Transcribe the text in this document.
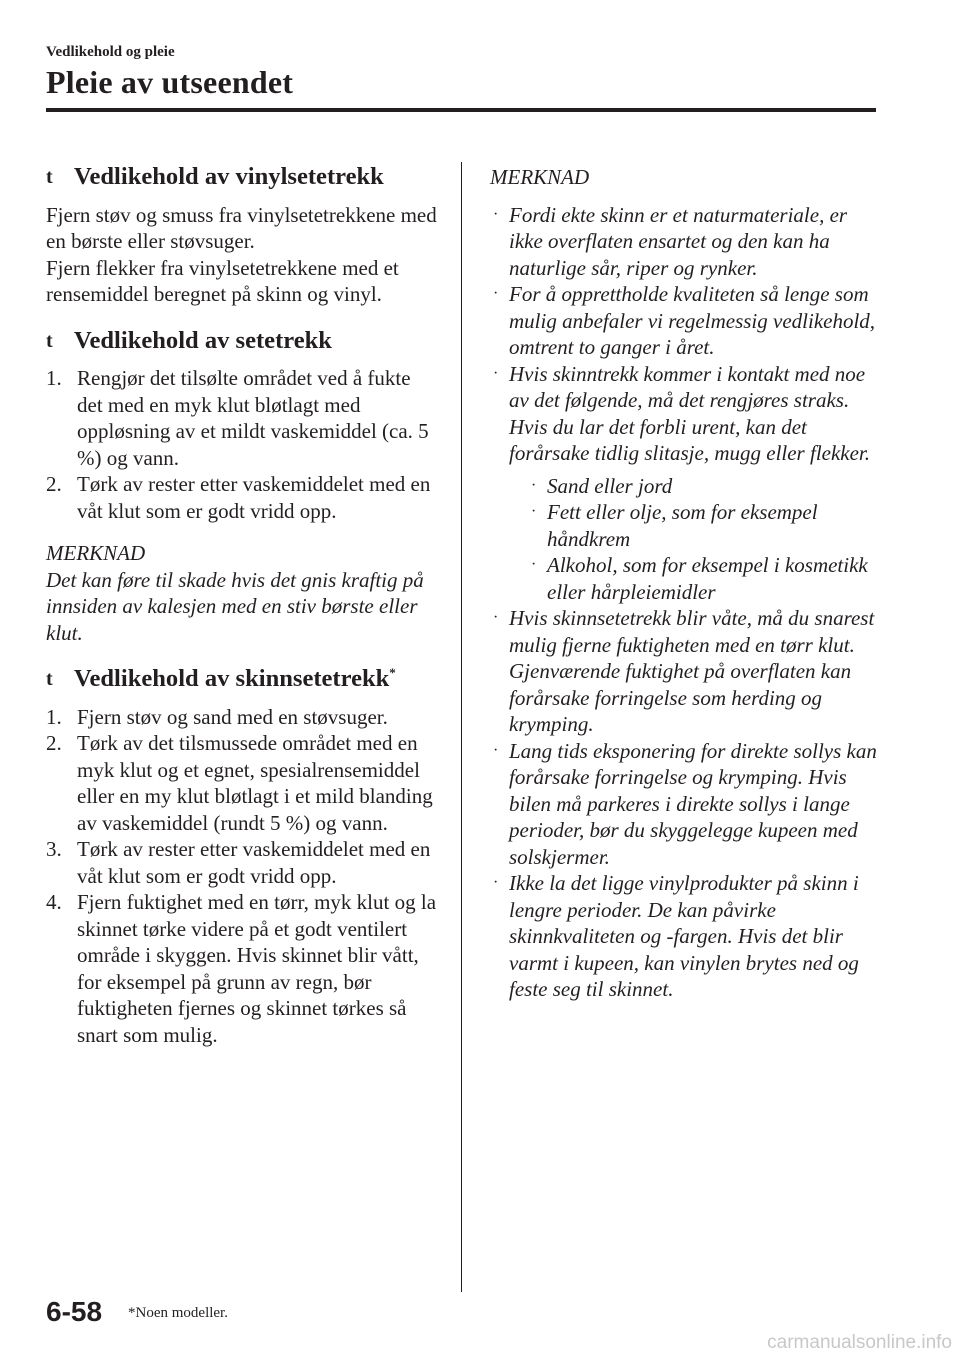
Vedlikehold og pleie
Pleie av utseendet
t Vedlikehold av vinylsetetrekk

Fjern støv og smuss fra vinylsetetrekkene med en børste eller støvsuger.

Fjern flekker fra vinylsetetrekkene med et rensemiddel beregnet på skinn og vinyl.

t Vedlikehold av setetrekk
1. Rengjør det tilsølte området ved å fukte det med en myk klut bløtlagt med oppløsning av et mildt vaskemiddel (ca. 5 %) og vann.
2. Tørk av rester etter vaskemiddelet med en våt klut som er godt vridd opp.

MERKNAD

Det kan føre til skade hvis det gnis kraftig på innsiden av kalesjen med en stiv børste eller klut.

t Vedlikehold av skinnsetetrekk*
1. Fjern støv og sand med en støvsuger.
2. Tørk av det tilsmussede området med en myk klut og et egnet, spesialrensemiddel eller en my klut bløtlagt i et mild blanding av vaskemiddel (rundt 5 %) og vann.
3. Tørk av rester etter vaskemiddelet med en våt klut som er godt vridd opp.
4. Fjern fuktighet med en tørr, myk klut og la skinnet tørke videre på et godt ventilert område i skyggen. Hvis skinnet blir vått, for eksempel på grunn av regn, bør fuktigheten fjernes og skinnet tørkes så snart som mulig.

MERKNAD

· Fordi ekte skinn er et naturmateriale, er ikke overflaten ensartet og den kan ha naturlige sår, riper og rynker.
· For å opprettholde kvaliteten så lenge som mulig anbefaler vi regelmessig vedlikehold, omtrent to ganger i året.
· Hvis skinntrekk kommer i kontakt med noe av det følgende, må det rengjøres straks.
Hvis du lar det forbli urent, kan det forårsake tidlig slitasje, mugg eller flekker.
· Sand eller jord
· Fett eller olje, som for eksempel håndkrem
· Alkohol, som for eksempel i kosmetikk eller hårpleiemidler
· Hvis skinnsetetrekk blir våte, må du snarest mulig fjerne fuktigheten med en tørr klut. Gjenværende fuktighet på overflaten kan forårsake forringelse som herding og krymping.
· Lang tids eksponering for direkte sollys kan forårsake forringelse og krymping. Hvis bilen må parkeres i direkte sollys i lange perioder, bør du skyggelegge kupeen med solskjermer.
· Ikke la det ligge vinylprodukter på skinn i lengre perioder. De kan påvirke skinnkvaliteten og -fargen. Hvis det blir varmt i kupeen, kan vinylen brytes ned og feste seg til skinnet.
6-58 *Noen modeller.
carmanualsonline.info
